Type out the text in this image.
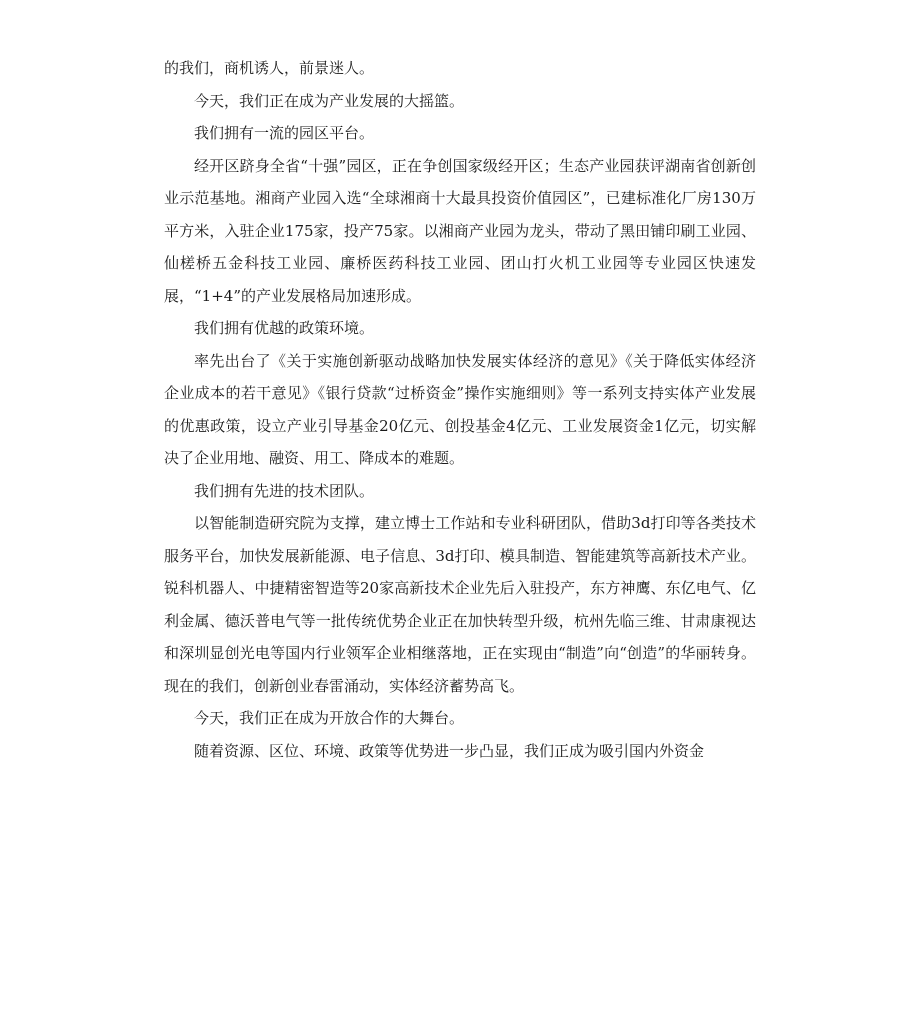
的我们，商机诱人，前景迷人。

今天，我们正在成为产业发展的大摇篮。

我们拥有一流的园区平台。

经开区跻身全省“十强”园区，正在争创国家级经开区；生态产业园获评湖南省创新创业示范基地。湘商产业园入选“全球湘商十大最具投资价值园区”，已建标准化厂房130万平方米，入驻企业175家，投产75家。以湘商产业园为龙头，带动了黑田铺印刷工业园、仙槎桥五金科技工业园、廉桥医药科技工业园、团山打火机工业园等专业园区快速发展，“1+4”的产业发展格局加速形成。

我们拥有优越的政策环境。

率先出台了《关于实施创新驱动战略加快发展实体经济的意见》《关于降低实体经济企业成本的若干意见》《银行贷款“过桥资金”操作实施细则》等一系列支持实体产业发展的优惠政策，设立产业引导基金20亿元、创投基金4亿元、工业发展资金1亿元，切实解决了企业用地、融资、用工、降成本的难题。

我们拥有先进的技术团队。

以智能制造研究院为支撑，建立博士工作站和专业科研团队，借助3d打印等各类技术服务平台，加快发展新能源、电子信息、3d打印、模具制造、智能建筑等高新技术产业。锐科机器人、中捷精密智造等20家高新技术企业先后入驻投产，东方神鹰、东亿电气、亿利金属、德沃普电气等一批传统优势企业正在加快转型升级，杭州先临三维、甘肃康视达和深圳显创光电等国内行业领军企业相继落地，正在实现由“制造”向“创造”的华丽转身。现在的我们，创新创业春雷涌动，实体经济蓄势高飞。

今天，我们正在成为开放合作的大舞台。

随着资源、区位、环境、政策等优势进一步凸显，我们正成为吸引国内外资金
